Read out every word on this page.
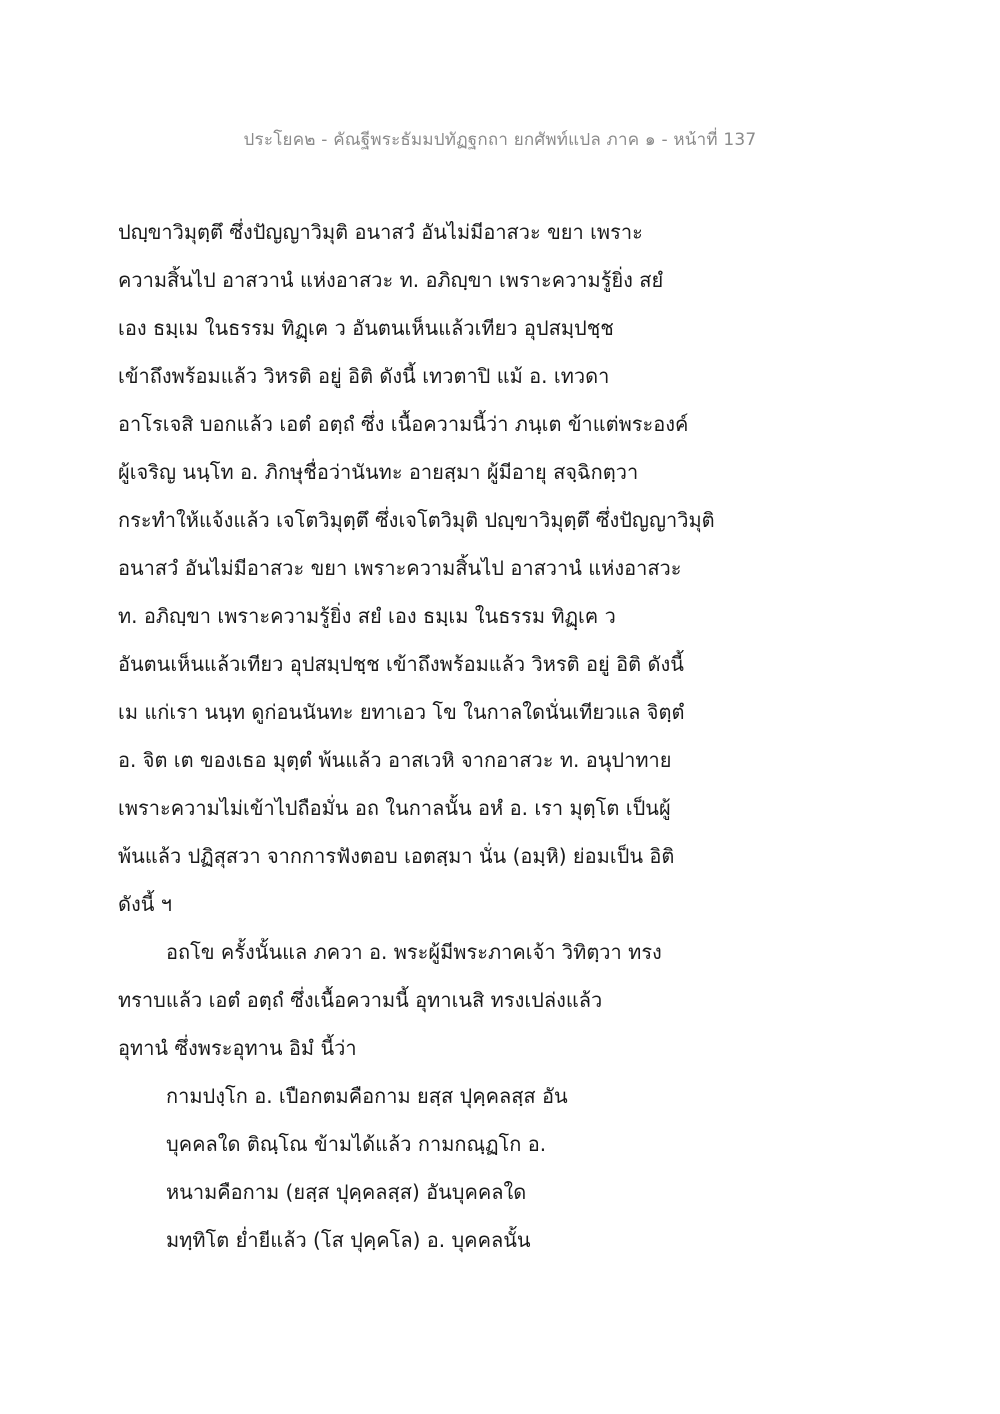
ประโยค๒ - คัณฐีพระธัมมปทัฏฐกถา ยกศัพท์แปล ภาค ๑ - หน้าที่ 137
ปญฺขาวิมุตฺตึ ซึ่งปัญญาวิมุติ อนาสวํ อันไม่มีอาสวะ ขยา เพราะ
ความสิ้นไป อาสวานํ แห่งอาสวะ ท. อภิญฺขา เพราะความรู้ยิ่ง สยํ
เอง ธมฺเม ในธรรม ทิฏฺเฅ ว อันตนเห็นแล้วเทียว อุปสมฺปชฺช
เข้าถึงพร้อมแล้ว วิหรติ อยู่ อิติ ดังนี้ เทวตาปิ แม้ อ. เทวดา
อาโรเจสิ บอกแล้ว เอตํ อตฺถํ ซึ่ง เนื้อความนี้ว่า ภนฺเต ข้าแต่พระองค์
ผู้เจริญ นนฺโท อ. ภิกษุชื่อว่านันทะ อายสฺมา ผู้มีอายุ สจฺฉิกตฺวา
กระทำให้แจ้งแล้ว เจโตวิมุตฺตึ ซึ่งเจโตวิมุติ ปญฺขาวิมุตฺตึ ซึ่งปัญญาวิมุติ
อนาสวํ อันไม่มีอาสวะ ขยา เพราะความสิ้นไป อาสวานํ แห่งอาสวะ
ท. อภิญฺขา เพราะความรู้ยิ่ง สยํ เอง ธมฺเม ในธรรม ทิฏฺเฅ ว
อันตนเห็นแล้วเทียว อุปสมฺปชฺช เข้าถึงพร้อมแล้ว วิหรติ อยู่ อิติ ดังนี้
เม แก่เรา นนฺท ดูก่อนนันทะ ยทาเอว โข ในกาลใดนั่นเทียวแล จิตฺตํ
อ. จิต เต ของเธอ มุตฺตํ พ้นแล้ว อาสเวหิ จากอาสวะ ท. อนุปาทาย
เพราะความไม่เข้าไปถือมั่น อถ ในกาลนั้น อหํ อ. เรา มุตฺโต เป็นผู้
พ้นแล้ว ปฏิสุสวา จากการฟังตอบ เอตสฺมา นั่น (อมฺหิ) ย่อมเป็น อิติ
ดังนี้ ฯ
อถโข ครั้งนั้นแล ภควา อ. พระผู้มีพระภาคเจ้า วิทิตฺวา ทรง
ทราบแล้ว เอตํ อตฺถํ ซึ่งเนื้อความนี้ อุทาเนสิ ทรงเปล่งแล้ว
อุทานํ ซึ่งพระอุทาน อิมํ นี้ว่า
กามปงฺโก อ. เปือกตมคือกาม ยสฺส ปุคฺคลสฺส อัน
บุคคลใด ติณฺโณ ข้ามได้แล้ว กามกณฺฏโก อ.
หนามคือกาม (ยสฺส ปุคฺคลสฺส) อันบุคคลใด
มทฺทิโต ย่ำยีแล้ว (โส ปุคฺคโล) อ. บุคคลนั้น
